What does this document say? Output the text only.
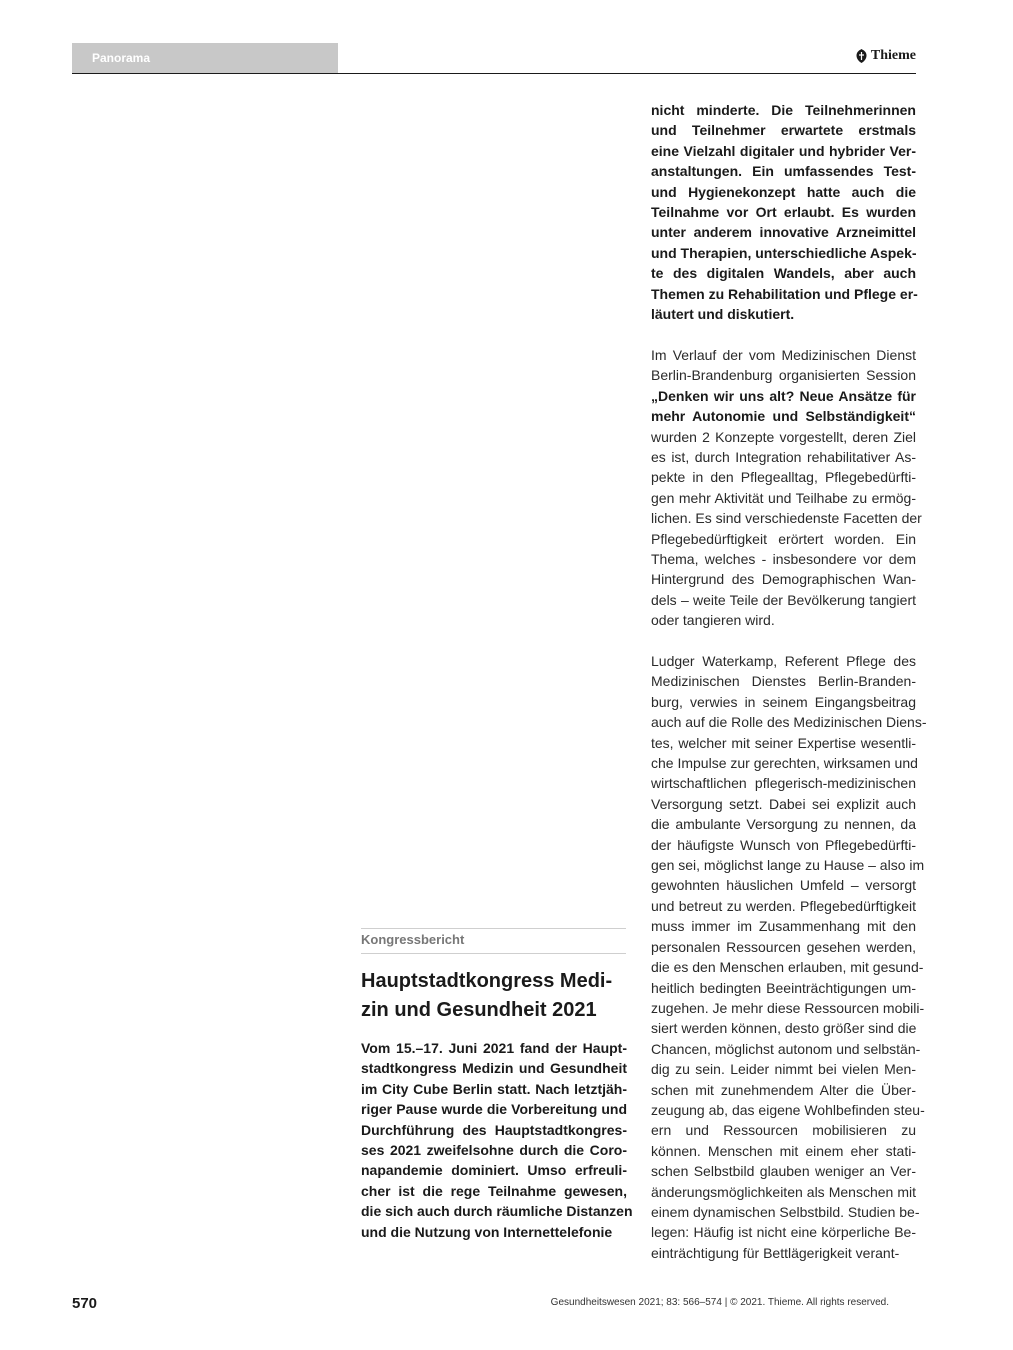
Panorama	Thieme
Kongressbericht
Hauptstadtkongress Medi-
zin und Gesundheit 2021
Vom 15.–17. Juni 2021 fand der Haupt-
stadtkongress Medizin und Gesundheit
im City Cube Berlin statt. Nach letztjäh-
riger Pause wurde die Vorbereitung und
Durchführung des Hauptstadtkongres-
ses 2021 zweifelsohne durch die Coro-
napandemie dominiert. Umso erfreuli-
cher ist die rege Teilnahme gewesen,
die sich auch durch räumliche Distanzen
und die Nutzung von Internettelefonie
nicht minderte. Die Teilnehmerinnen
und Teilnehmer erwartete erstmals
eine Vielzahl digitaler und hybrider Ver-
anstaltungen. Ein umfassendes Test-
und Hygienekonzept hatte auch die
Teilnahme vor Ort erlaubt. Es wurden
unter anderem innovative Arzneimittel
und Therapien, unterschiedliche Aspek-
te des digitalen Wandels, aber auch
Themen zu Rehabilitation und Pflege er-
läutert und diskutiert.
Im Verlauf der vom Medizinischen Dienst
Berlin-Brandenburg organisierten Session
„Denken wir uns alt? Neue Ansätze für
mehr Autonomie und Selbständigkeit“
wurden 2 Konzepte vorgestellt, deren Ziel
es ist, durch Integration rehabilitativer As-
pekte in den Pflegealltag, Pflegebedürfti-
gen mehr Aktivität und Teilhabe zu ermög-
lichen. Es sind verschiedenste Facetten der
Pflegebedürftigkeit erörtert worden. Ein
Thema, welches - insbesondere vor dem
Hintergrund des Demographischen Wan-
dels – weite Teile der Bevölkerung tangiert
oder tangieren wird.
Ludger Waterkamp, Referent Pflege des
Medizinischen Dienstes Berlin-Branden-
burg, verwies in seinem Eingangsbeitrag
auch auf die Rolle des Medizinischen Diens-
tes, welcher mit seiner Expertise wesentli-
che Impulse zur gerechten, wirksamen und
wirtschaftlichen pflegerisch-medizinischen
Versorgung setzt. Dabei sei explizit auch
die ambulante Versorgung zu nennen, da
der häufigste Wunsch von Pflegebedürfti-
gen sei, möglichst lange zu Hause – also im
gewohnten häuslichen Umfeld – versorgt
und betreut zu werden. Pflegebedürftigkeit
muss immer im Zusammenhang mit den
personalen Ressourcen gesehen werden,
die es den Menschen erlauben, mit gesund-
heitlich bedingten Beeinträchtigungen um-
zugehen. Je mehr diese Ressourcen mobili-
siert werden können, desto größer sind die
Chancen, möglichst autonom und selbstän-
dig zu sein. Leider nimmt bei vielen Men-
schen mit zunehmendem Alter die Über-
zeugung ab, das eigene Wohlbefinden steu-
ern und Ressourcen mobilisieren zu
können. Menschen mit einem eher stati-
schen Selbstbild glauben weniger an Ver-
änderungsmöglichkeiten als Menschen mit
einem dynamischen Selbstbild. Studien be-
legen: Häufig ist nicht eine körperliche Be-
einträchtigung für Bettlägerigkeit verant-
570	Gesundheitswesen 2021; 83: 566–574 | © 2021. Thieme. All rights reserved.
